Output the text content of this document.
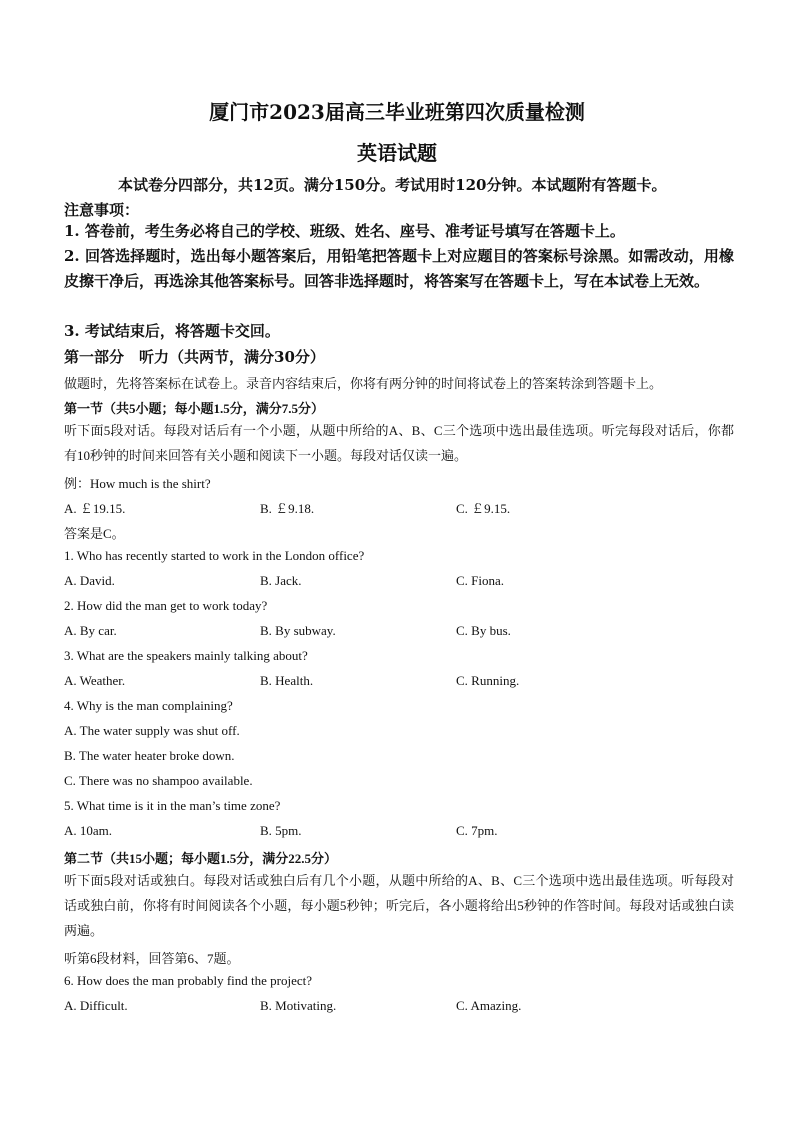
厦门市2023届高三毕业班第四次质量检测
英语试题
本试卷分四部分，共12页。满分150分。考试用时120分钟。本试题附有答题卡。
注意事项：
1. 答卷前，考生务必将自己的学校、班级、姓名、座号、准考证号填写在答题卡上。
2. 回答选择题时，选出每小题答案后，用铅笔把答题卡上对应题目的答案标号涂黑。如需改动，用橡皮擦干净后，再选涂其他答案标号。回答非选择题时，将答案写在答题卡上，写在本试卷上无效。
3. 考试结束后，将答题卡交回。
第一部分　听力（共两节，满分30分）
做题时，先将答案标在试卷上。录音内容结束后，你将有两分钟的时间将试卷上的答案转涂到答题卡上。
第一节（共5小题；每小题1.5分，满分7.5分）
听下面5段对话。每段对话后有一个小题，从题中所给的A、B、C三个选项中选出最佳选项。听完每段对话后，你都有10秒钟的时间来回答有关小题和阅读下一小题。每段对话仅读一遍。
例：How much is the shirt?
A. ￡19.15.	B. ￡9.18.	C. ￡9.15.
答案是C。
1. Who has recently started to work in the London office?
A. David.	B. Jack.	C. Fiona.
2. How did the man get to work today?
A. By car.	B. By subway.	C. By bus.
3. What are the speakers mainly talking about?
A. Weather.	B. Health.	C. Running.
4. Why is the man complaining?
A. The water supply was shut off.
B. The water heater broke down.
C. There was no shampoo available.
5. What time is it in the man’s time zone?
A. 10am.	B. 5pm.	C. 7pm.
第二节（共15小题；每小题1.5分，满分22.5分）
听下面5段对话或独白。每段对话或独白后有几个小题，从题中所给的A、B、C三个选项中选出最佳选项。听每段对话或独白前，你将有时间阅读各个小题，每小题5秒钟；听完后，各小题将给出5秒钟的作答时间。每段对话或独白读两遍。
听第6段材料，回答第6、7题。
6. How does the man probably find the project?
A. Difficult.	B. Motivating.	C. Amazing.
